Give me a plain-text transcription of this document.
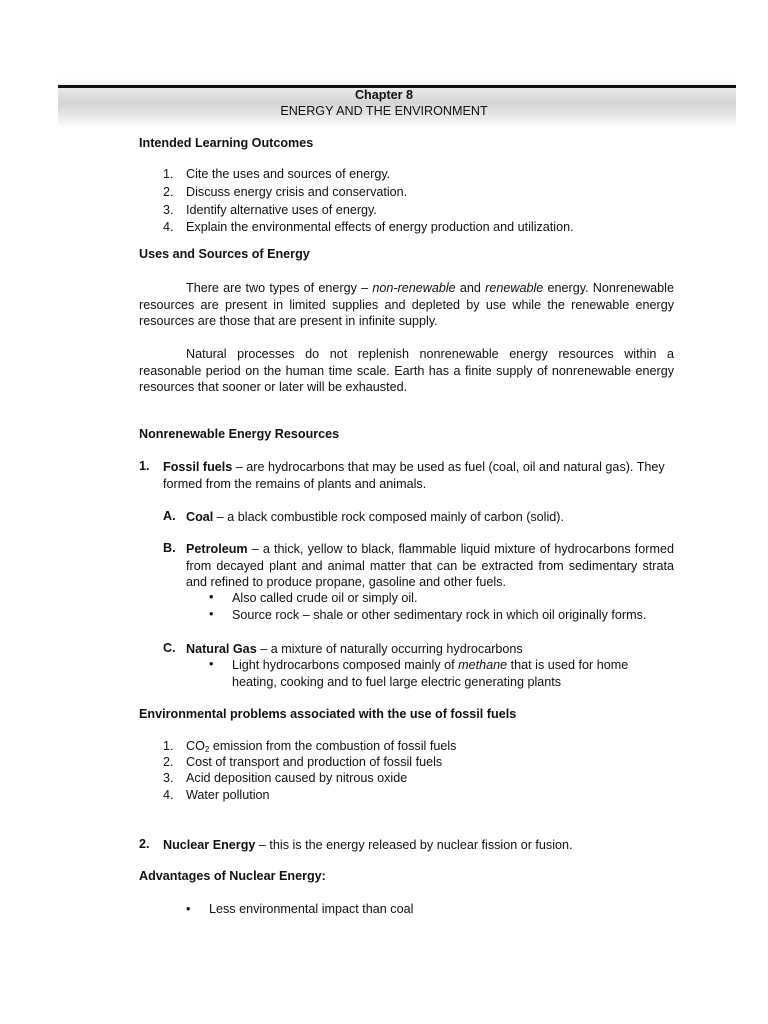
Chapter 8
ENERGY AND THE ENVIRONMENT
Intended Learning Outcomes
1. Cite the uses and sources of energy.
2. Discuss energy crisis and conservation.
3. Identify alternative uses of energy.
4. Explain the environmental effects of energy production and utilization.
Uses and Sources of Energy
There are two types of energy – non-renewable and renewable energy. Nonrenewable resources are present in limited supplies and depleted by use while the renewable energy resources are those that are present in infinite supply.
Natural processes do not replenish nonrenewable energy resources within a reasonable period on the human time scale. Earth has a finite supply of nonrenewable energy resources that sooner or later will be exhausted.
Nonrenewable Energy Resources
1. Fossil fuels – are hydrocarbons that may be used as fuel (coal, oil and natural gas). They formed from the remains of plants and animals.
A. Coal – a black combustible rock composed mainly of carbon (solid).
B. Petroleum – a thick, yellow to black, flammable liquid mixture of hydrocarbons formed from decayed plant and animal matter that can be extracted from sedimentary strata and refined to produce propane, gasoline and other fuels.
• Also called crude oil or simply oil.
• Source rock – shale or other sedimentary rock in which oil originally forms.
C. Natural Gas – a mixture of naturally occurring hydrocarbons
• Light hydrocarbons composed mainly of methane that is used for home heating, cooking and to fuel large electric generating plants
Environmental problems associated with the use of fossil fuels
1. $CO_2$ emission from the combustion of fossil fuels
2. Cost of transport and production of fossil fuels
3. Acid deposition caused by nitrous oxide
4. Water pollution
2. Nuclear Energy – this is the energy released by nuclear fission or fusion.
Advantages of Nuclear Energy:
• Less environmental impact than coal
